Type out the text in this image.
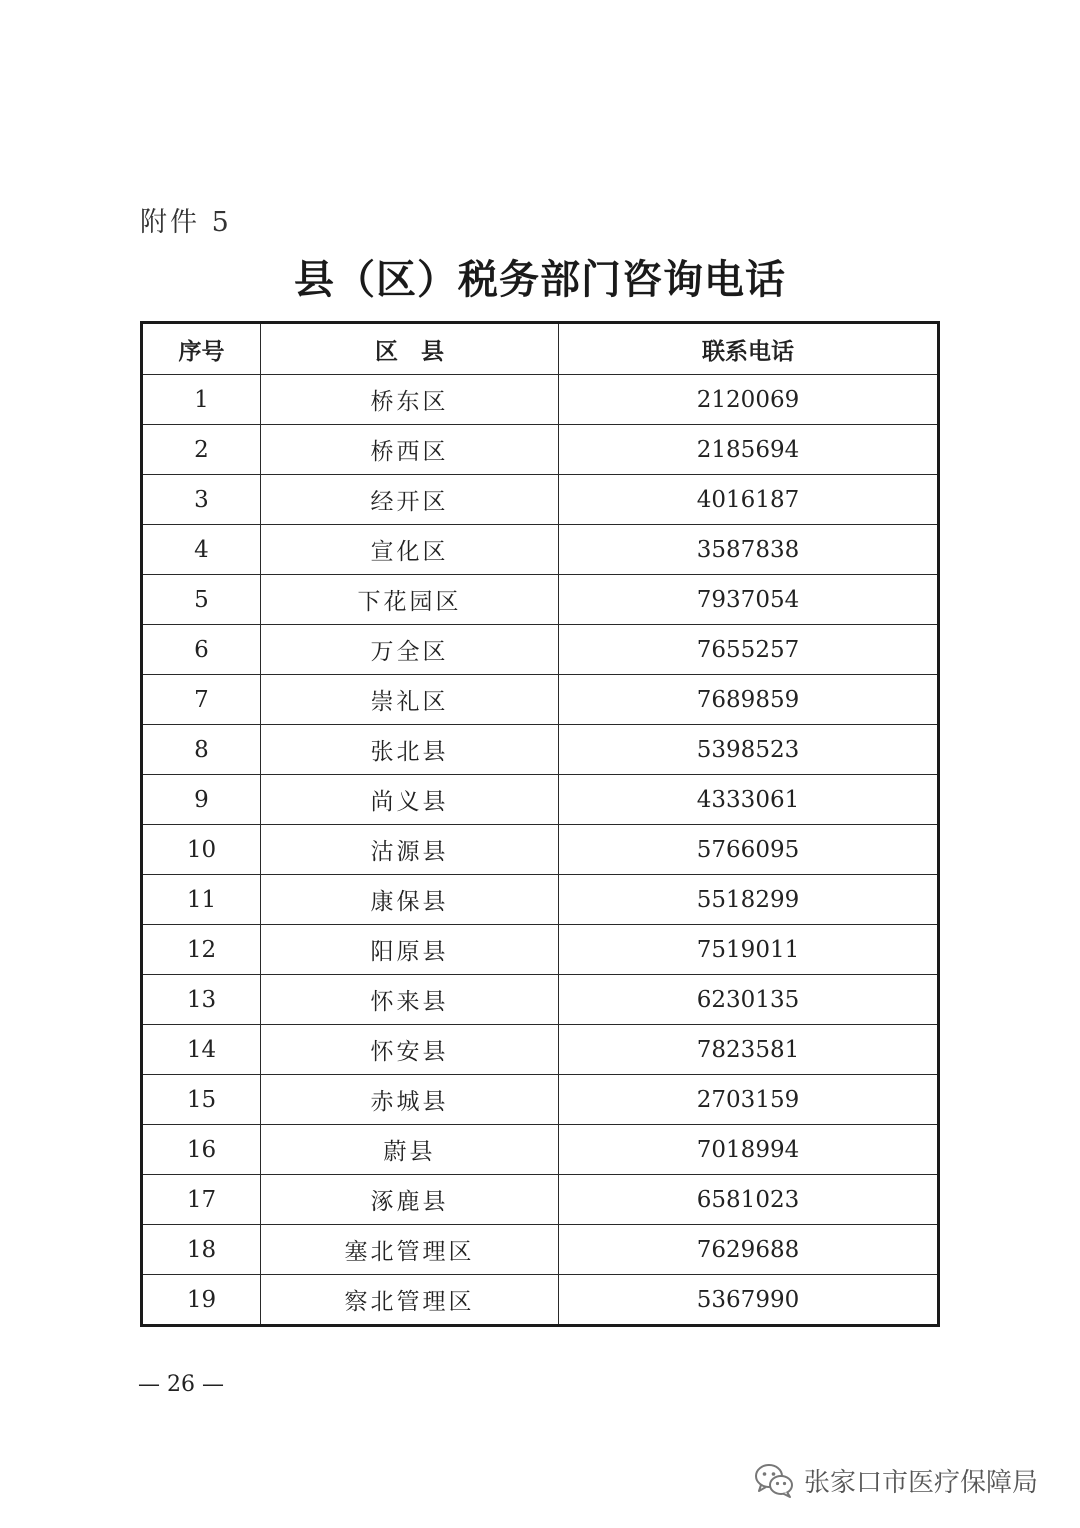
附件 5
县（区）税务部门咨询电话
序号	区　县	联系电话
1	桥东区	2120069
2	桥西区	2185694
3	经开区	4016187
4	宣化区	3587838
5	下花园区	7937054
6	万全区	7655257
7	崇礼区	7689859
8	张北县	5398523
9	尚义县	4333061
10	沽源县	5766095
11	康保县	5518299
12	阳原县	7519011
13	怀来县	6230135
14	怀安县	7823581
15	赤城县	2703159
16	蔚县	7018994
17	涿鹿县	6581023
18	塞北管理区	7629688
19	察北管理区	5367990
— 26 —
张家口市医疗保障局
